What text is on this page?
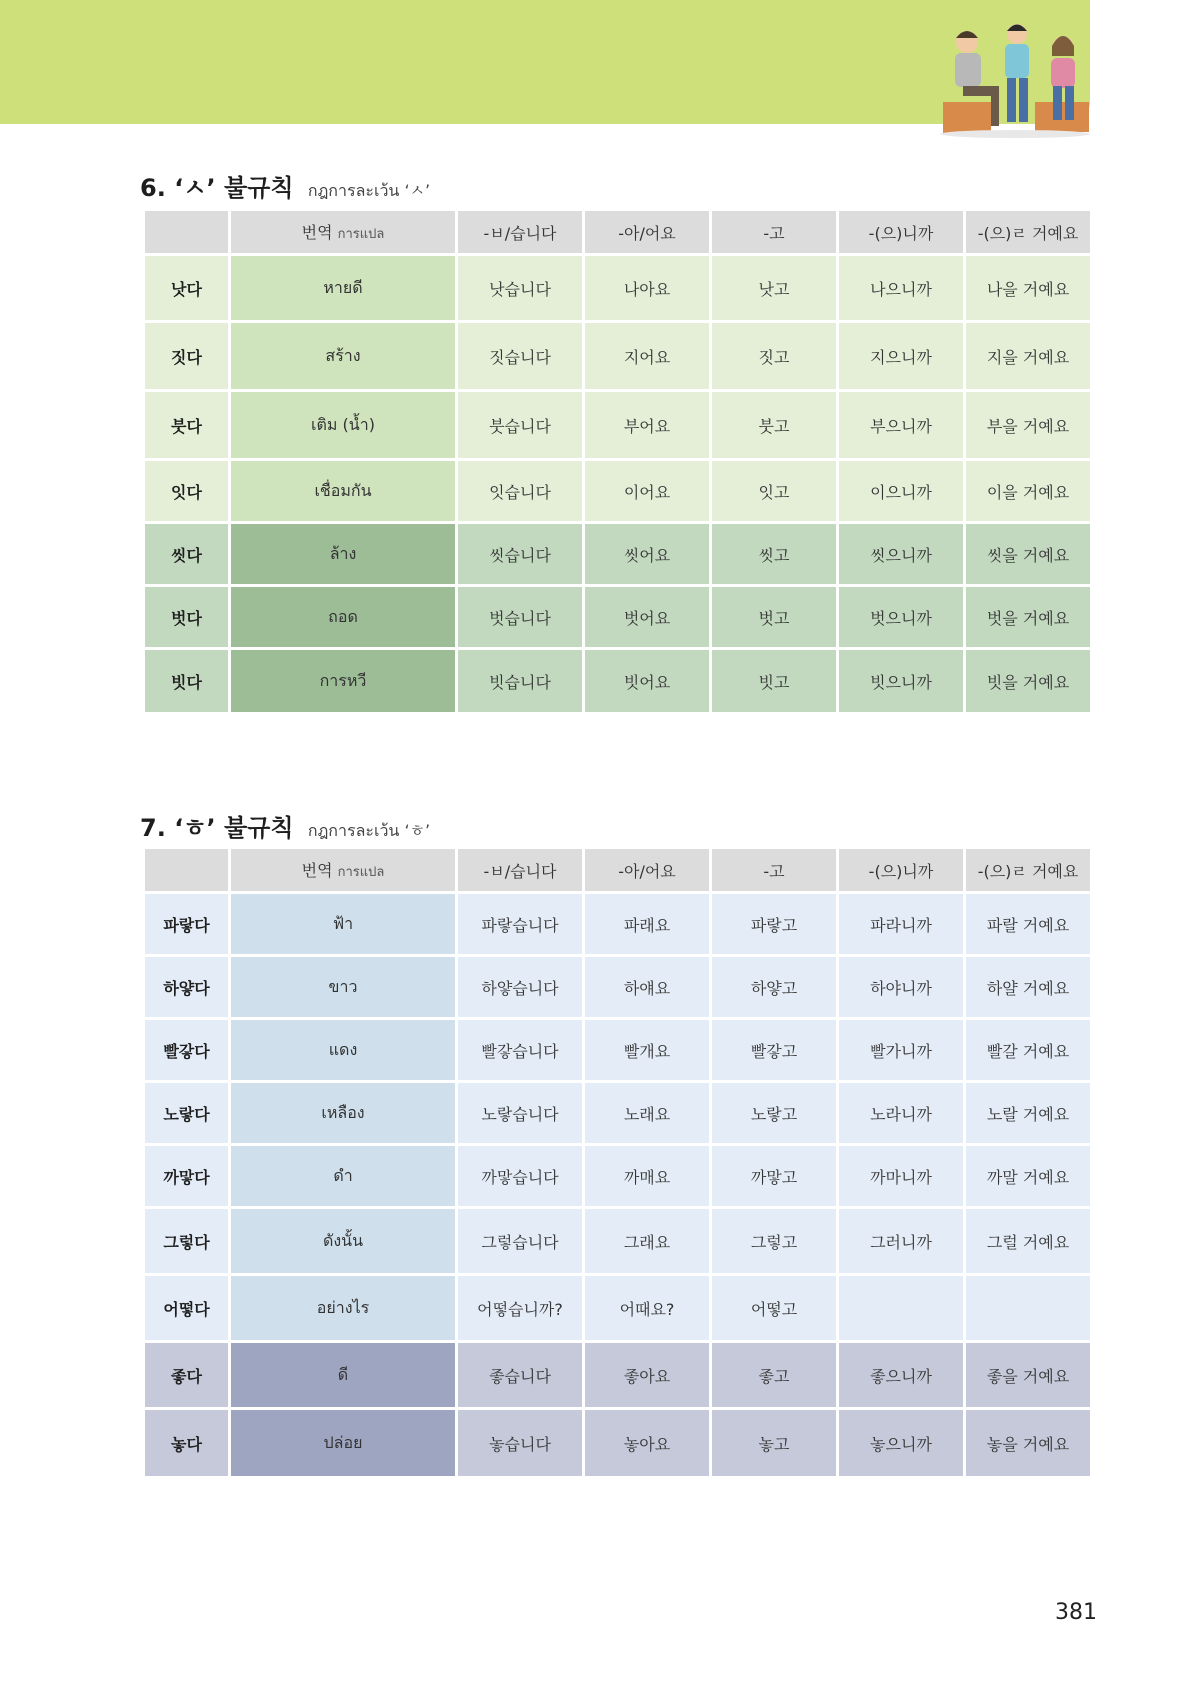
6. ‘ㅅ’ 불규칙 กฎการละเว้น ‘ㅅ’
	번역 การแปล	-ㅂ/습니다	-아/어요	-고	-(으)니까	-(으)ㄹ 거예요
낫다	หายดี	낫습니다	나아요	낫고	나으니까	나을 거예요
짓다	สร้าง	짓습니다	지어요	짓고	지으니까	지을 거예요
붓다	เติม (น้ำ)	붓습니다	부어요	붓고	부으니까	부을 거예요
잇다	เชื่อมกัน	잇습니다	이어요	잇고	이으니까	이을 거예요
씻다	ล้าง	씻습니다	씻어요	씻고	씻으니까	씻을 거예요
벗다	ถอด	벗습니다	벗어요	벗고	벗으니까	벗을 거예요
빗다	การหวี	빗습니다	빗어요	빗고	빗으니까	빗을 거예요
7. ‘ㅎ’ 불규칙 กฎการละเว้น ‘ㅎ’
	번역 การแปล	-ㅂ/습니다	-아/어요	-고	-(으)니까	-(으)ㄹ 거예요
파랗다	ฟ้า	파랗습니다	파래요	파랗고	파라니까	파랄 거예요
하얗다	ขาว	하얗습니다	하얘요	하얗고	하야니까	하얄 거예요
빨갛다	แดง	빨갛습니다	빨개요	빨갛고	빨가니까	빨갈 거예요
노랗다	เหลือง	노랗습니다	노래요	노랗고	노라니까	노랄 거예요
까맣다	ดำ	까맣습니다	까매요	까맣고	까마니까	까말 거예요
그렇다	ดังนั้น	그렇습니다	그래요	그렇고	그러니까	그럴 거예요
어떻다	อย่างไร	어떻습니까?	어때요?	어떻고		
좋다	ดี	좋습니다	좋아요	좋고	좋으니까	좋을 거예요
놓다	ปล่อย	놓습니다	놓아요	놓고	놓으니까	놓을 거예요
381
